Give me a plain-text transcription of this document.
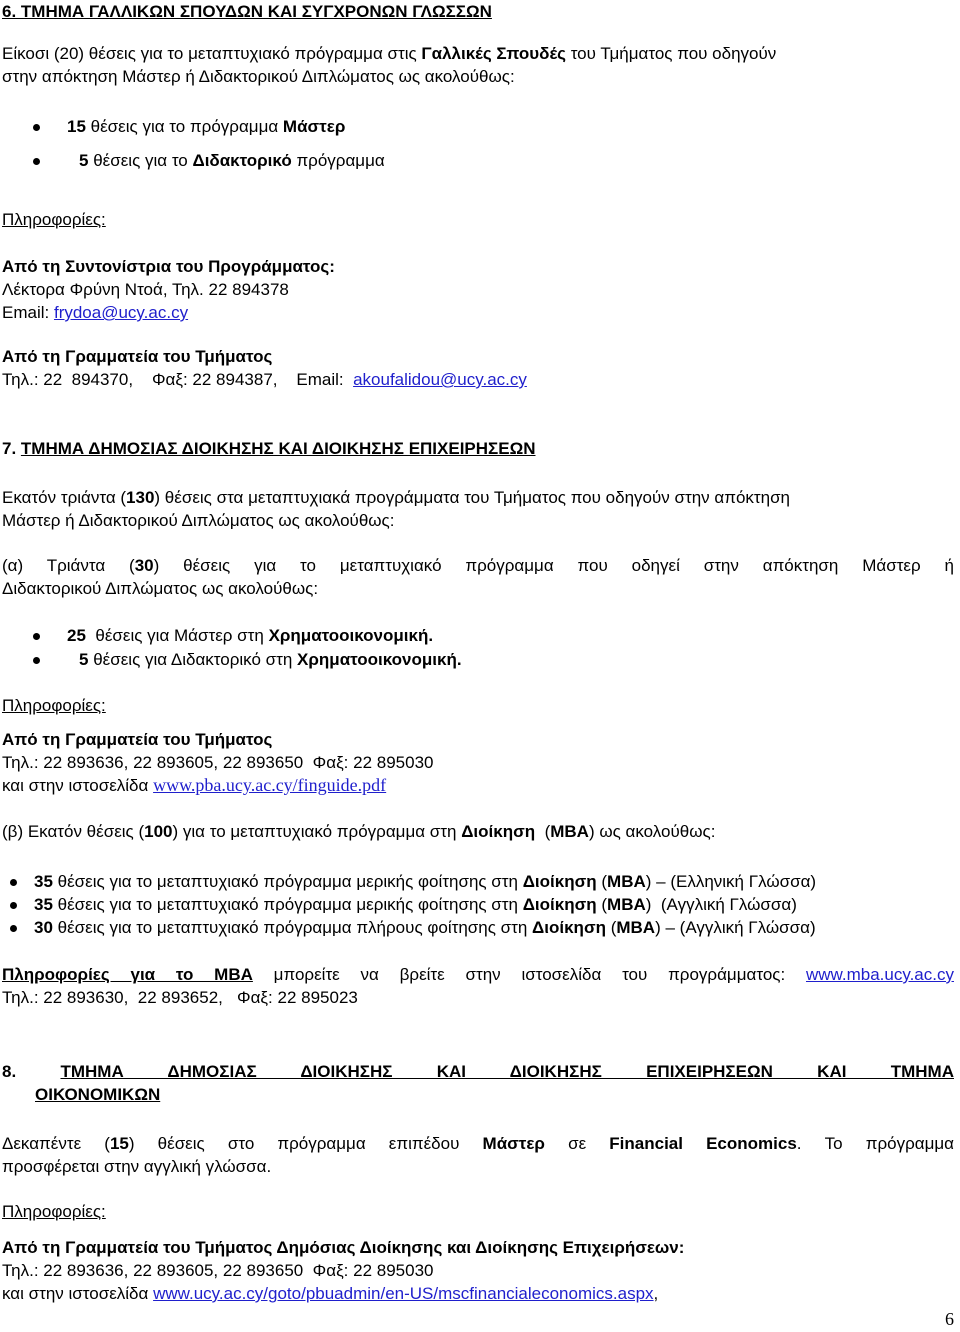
6. ΤΜΗΜΑ ΓΑΛΛΙΚΩΝ ΣΠΟΥΔΩΝ ΚΑΙ ΣΥΓΧΡΟΝΩΝ ΓΛΩΣΣΩΝ
Είκοσι (20) θέσεις για το μεταπτυχιακό πρόγραμμα στις Γαλλικές Σπουδές του Τμήματος που οδηγούν
στην απόκτηση Μάστερ ή Διδακτορικού Διπλώματος ως ακολούθως:
15 θέσεις για το πρόγραμμα Μάστερ
5 θέσεις για το Διδακτορικό πρόγραμμα
Πληροφορίες:
Από τη Συντονίστρια του Προγράμματος:
Λέκτορα Φρύνη Ντοά, Τηλ. 22 894378
Email: frydoa@ucy.ac.cy
Από τη Γραμματεία του Τμήματος
Τηλ.: 22  894370,    Φαξ: 22 894387,    Email:  akoufalidou@ucy.ac.cy
7. ΤΜΗΜΑ ΔΗΜΟΣΙΑΣ ΔΙΟΙΚΗΣΗΣ ΚΑΙ ΔΙΟΙΚΗΣΗΣ ΕΠΙΧΕΙΡΗΣΕΩΝ
Εκατόν τριάντα (130) θέσεις στα μεταπτυχιακά προγράμματα του Τμήματος που οδηγούν στην απόκτηση
Μάστερ ή Διδακτορικού Διπλώματος ως ακολούθως:
(α) Τριάντα (30) θέσεις για το μεταπτυχιακό πρόγραμμα που οδηγεί στην απόκτηση Μάστερ ή
Διδακτορικού Διπλώματος ως ακολούθως:
25  θέσεις για Μάστερ στη Χρηματοοικονομική.
5 θέσεις για Διδακτορικό στη Χρηματοοικονομική.
Πληροφορίες:
Από τη Γραμματεία του Τμήματος
Τηλ.: 22 893636, 22 893605, 22 893650  Φαξ: 22 895030
και στην ιστοσελίδα www.pba.ucy.ac.cy/finguide.pdf
(β) Εκατόν θέσεις (100) για το μεταπτυχιακό πρόγραμμα στη Διοίκηση  (ΜΒΑ) ως ακολούθως:
35 θέσεις για το μεταπτυχιακό πρόγραμμα μερικής φοίτησης στη Διοίκηση (ΜΒΑ) – (Ελληνική Γλώσσα)
35 θέσεις για το μεταπτυχιακό πρόγραμμα μερικής φοίτησης στη Διοίκηση (ΜΒΑ) (Αγγλική Γλώσσα)
30 θέσεις για το μεταπτυχιακό πρόγραμμα πλήρους φοίτησης στη Διοίκηση (ΜΒΑ) – (Αγγλική Γλώσσα)
Πληροφορίες για το ΜΒΑ μπορείτε να βρείτε στην ιστοσελίδα του προγράμματος: www.mba.ucy.ac.cy
Τηλ.: 22 893630,  22 893652,   Φαξ: 22 895023
8. ΤΜΗΜΑ ΔΗΜΟΣΙΑΣ ΔΙΟΙΚΗΣΗΣ ΚΑΙ ΔΙΟΙΚΗΣΗΣ ΕΠΙΧΕΙΡΗΣΕΩΝ ΚΑΙ ΤΜΗΜΑ
ΟΙΚΟΝΟΜΙΚΩΝ
Δεκαπέντε (15) θέσεις στο πρόγραμμα επιπέδου Μάστερ σε Financial Economics. Το πρόγραμμα
προσφέρεται στην αγγλική γλώσσα.
Πληροφορίες:
Από τη Γραμματεία του Τμήματος Δημόσιας Διοίκησης και Διοίκησης Επιχειρήσεων:
Τηλ.: 22 893636, 22 893605, 22 893650  Φαξ: 22 895030
και στην ιστοσελίδα www.ucy.ac.cy/goto/pbuadmin/en-US/mscfinancialeconomics.aspx,
6
